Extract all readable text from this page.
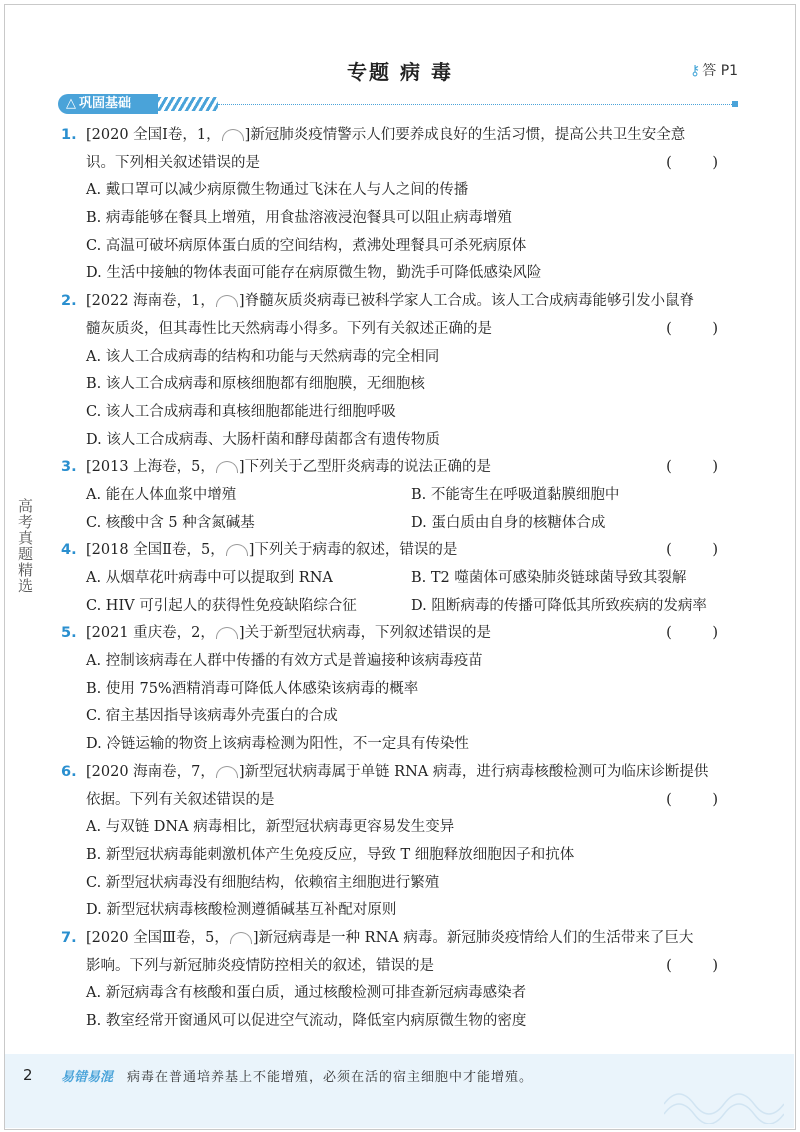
专题 病 毒	⚷ 答 P1
△ 巩固基础
高考真题精选
1. [2020 全国Ⅰ卷，1， ]新冠肺炎疫情警示人们要养成良好的生活习惯，提高公共卫生安全意
识。下列相关叙述错误的是	( )
A. 戴口罩可以减少病原微生物通过飞沫在人与人之间的传播
B. 病毒能够在餐具上增殖，用食盐溶液浸泡餐具可以阻止病毒增殖
C. 高温可破坏病原体蛋白质的空间结构，煮沸处理餐具可杀死病原体
D. 生活中接触的物体表面可能存在病原微生物，勤洗手可降低感染风险
2. [2022 海南卷，1， ]脊髓灰质炎病毒已被科学家人工合成。该人工合成病毒能够引发小鼠脊
髓灰质炎，但其毒性比天然病毒小得多。下列有关叙述正确的是	( )
A. 该人工合成病毒的结构和功能与天然病毒的完全相同
B. 该人工合成病毒和原核细胞都有细胞膜，无细胞核
C. 该人工合成病毒和真核细胞都能进行细胞呼吸
D. 该人工合成病毒、大肠杆菌和酵母菌都含有遗传物质
3. [2013 上海卷，5， ]下列关于乙型肝炎病毒的说法正确的是	( )
A. 能在人体血浆中增殖	B. 不能寄生在呼吸道黏膜细胞中
C. 核酸中含 5 种含氮碱基	D. 蛋白质由自身的核糖体合成
4. [2018 全国Ⅱ卷，5， ]下列关于病毒的叙述，错误的是	( )
A. 从烟草花叶病毒中可以提取到 RNA	B. T2 噬菌体可感染肺炎链球菌导致其裂解
C. HIV 可引起人的获得性免疫缺陷综合征	D. 阻断病毒的传播可降低其所致疾病的发病率
5. [2021 重庆卷，2， ]关于新型冠状病毒，下列叙述错误的是	( )
A. 控制该病毒在人群中传播的有效方式是普遍接种该病毒疫苗
B. 使用 75%酒精消毒可降低人体感染该病毒的概率
C. 宿主基因指导该病毒外壳蛋白的合成
D. 冷链运输的物资上该病毒检测为阳性，不一定具有传染性
6. [2020 海南卷，7， ]新型冠状病毒属于单链 RNA 病毒，进行病毒核酸检测可为临床诊断提供
依据。下列有关叙述错误的是	( )
A. 与双链 DNA 病毒相比，新型冠状病毒更容易发生变异
B. 新型冠状病毒能刺激机体产生免疫反应，导致 T 细胞释放细胞因子和抗体
C. 新型冠状病毒没有细胞结构，依赖宿主细胞进行繁殖
D. 新型冠状病毒核酸检测遵循碱基互补配对原则
7. [2020 全国Ⅲ卷，5， ]新冠病毒是一种 RNA 病毒。新冠肺炎疫情给人们的生活带来了巨大
影响。下列与新冠肺炎疫情防控相关的叙述，错误的是	( )
A. 新冠病毒含有核酸和蛋白质，通过核酸检测可排查新冠病毒感染者
B. 教室经常开窗通风可以促进空气流动，降低室内病原微生物的密度
2 易错易混 病毒在普通培养基上不能增殖，必须在活的宿主细胞中才能增殖。
